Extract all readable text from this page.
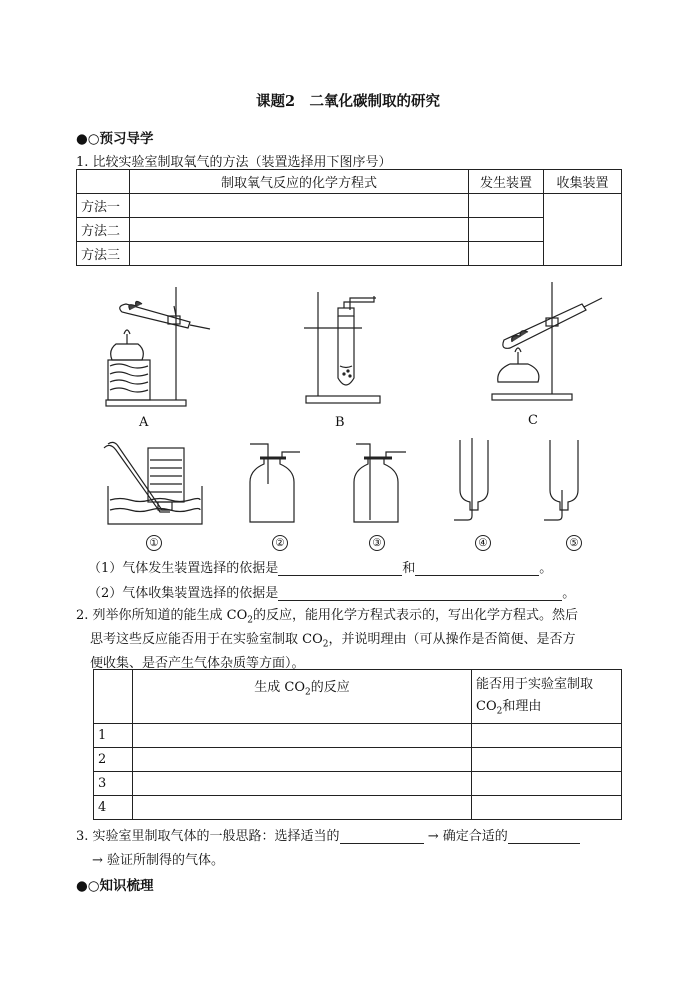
课题2　二氧化碳制取的研究
●○预习导学
1. 比较实验室制取氧气的方法（装置选择用下图序号）
	制取氧气反应的化学方程式	发生装置	收集装置
方法一			
方法二			
方法三			
A	B	C
①	②	③	④	⑤
（1）气体发生装置选择的依据是	和	。
（2）气体收集装置选择的依据是	。
2. 列举你所知道的能生成 $CO_2$的反应，能用化学方程式表示的，写出化学方程式。然后
思考这些反应能否用于在实验室制取 $CO_2$，并说明理由（可从操作是否简便、是否方
便收集、是否产生气体杂质等方面）。
	生成 $CO_2$的反应	能否用于实验室制取
$CO_2$和理由
1		
2		
3		
4		
3. 实验室里制取气体的一般思路：选择适当的	→ 确定合适的
→ 验证所制得的气体。
●○知识梳理
